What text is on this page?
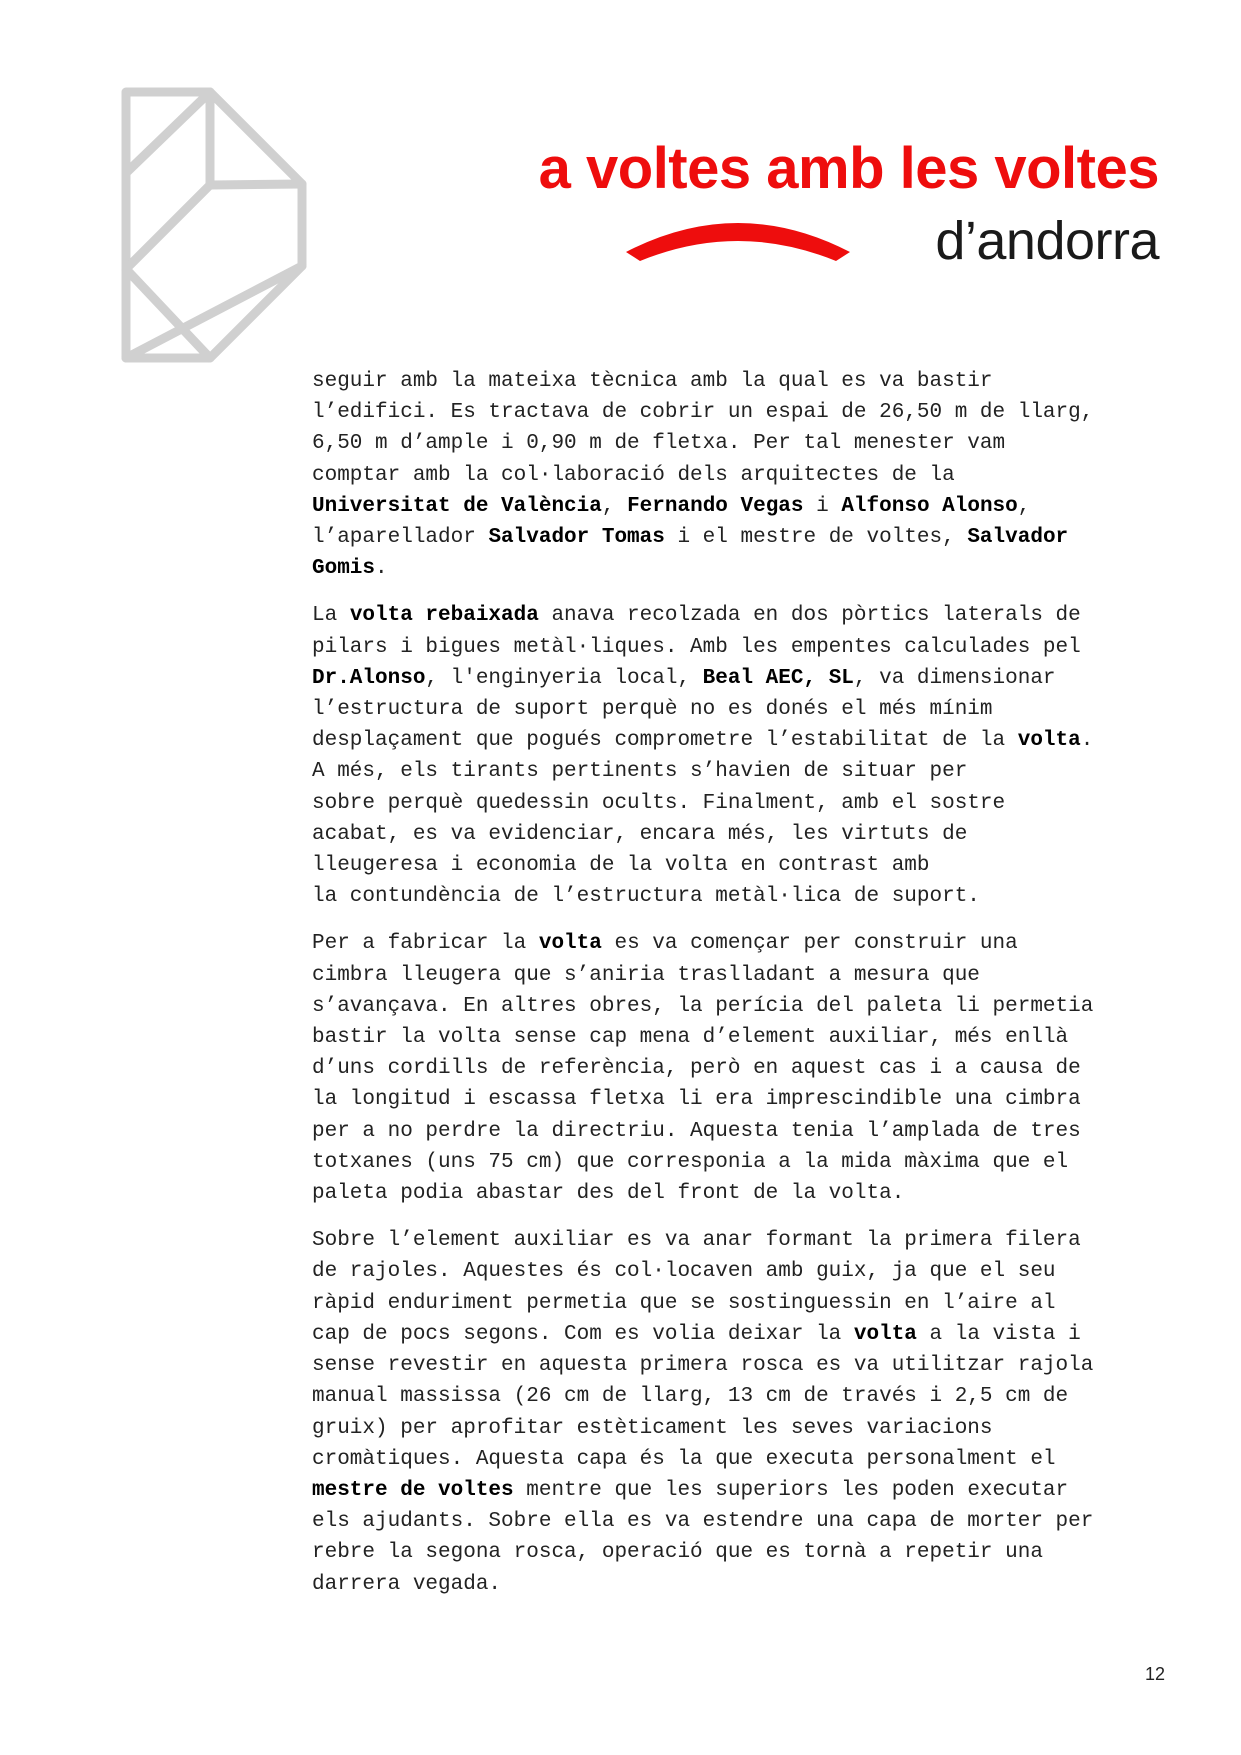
a voltes amb les voltes
d’andorra

seguir amb la mateixa tècnica amb la qual es va bastir
l’edifici. Es tractava de cobrir un espai de 26,50 m de llarg,
6,50 m d’ample i 0,90 m de fletxa. Per tal menester vam
comptar amb la col·laboració dels arquitectes de la
Universitat de València, Fernando Vegas i Alfonso Alonso,
l’aparellador Salvador Tomas i el mestre de voltes, Salvador
Gomis.

La volta rebaixada anava recolzada en dos pòrtics laterals de
pilars i bigues metàl·liques. Amb les empentes calculades pel
Dr.Alonso, l'enginyeria local, Beal AEC, SL, va dimensionar
l’estructura de suport perquè no es donés el més mínim
desplaçament que pogués comprometre l’estabilitat de la volta.
A més, els tirants pertinents s’havien de situar per
sobre perquè quedessin ocults. Finalment, amb el sostre
acabat, es va evidenciar, encara més, les virtuts de
lleugeresa i economia de la volta en contrast amb
la contundència de l’estructura metàl·lica de suport.

Per a fabricar la volta es va començar per construir una
cimbra lleugera que s’aniria traslladant a mesura que
s’avançava. En altres obres, la perícia del paleta li permetia
bastir la volta sense cap mena d’element auxiliar, més enllà
d’uns cordills de referència, però en aquest cas i a causa de
la longitud i escassa fletxa li era imprescindible una cimbra
per a no perdre la directriu. Aquesta tenia l’amplada de tres
totxanes (uns 75 cm) que corresponia a la mida màxima que el
paleta podia abastar des del front de la volta.

Sobre l’element auxiliar es va anar formant la primera filera
de rajoles. Aquestes és col·locaven amb guix, ja que el seu
ràpid enduriment permetia que se sostinguessin en l’aire al
cap de pocs segons. Com es volia deixar la volta a la vista i
sense revestir en aquesta primera rosca es va utilitzar rajola
manual massissa (26 cm de llarg, 13 cm de través i 2,5 cm de
gruix) per aprofitar estèticament les seves variacions
cromàtiques. Aquesta capa és la que executa personalment el
mestre de voltes mentre que les superiors les poden executar
els ajudants. Sobre ella es va estendre una capa de morter per
rebre la segona rosca, operació que es tornà a repetir una
darrera vegada.

12
